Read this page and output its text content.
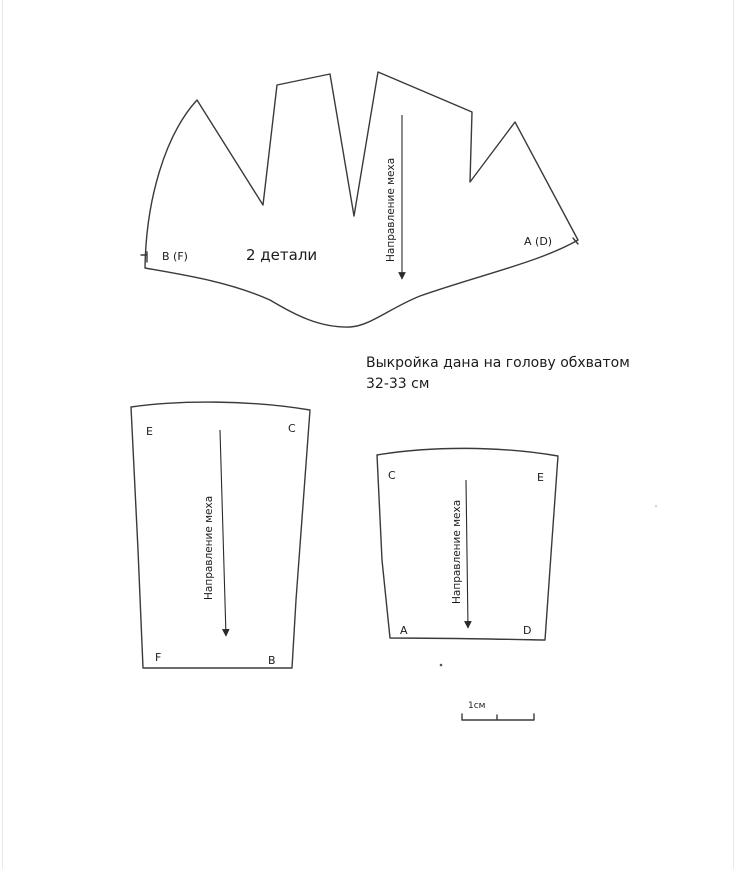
B (F)
A (D)
2 детали	Направление меха
Выкройка дана на голову обхватом
32-33 см
E	C
F	B
Направление меха
C	E
A	D
Направление меха
1см
